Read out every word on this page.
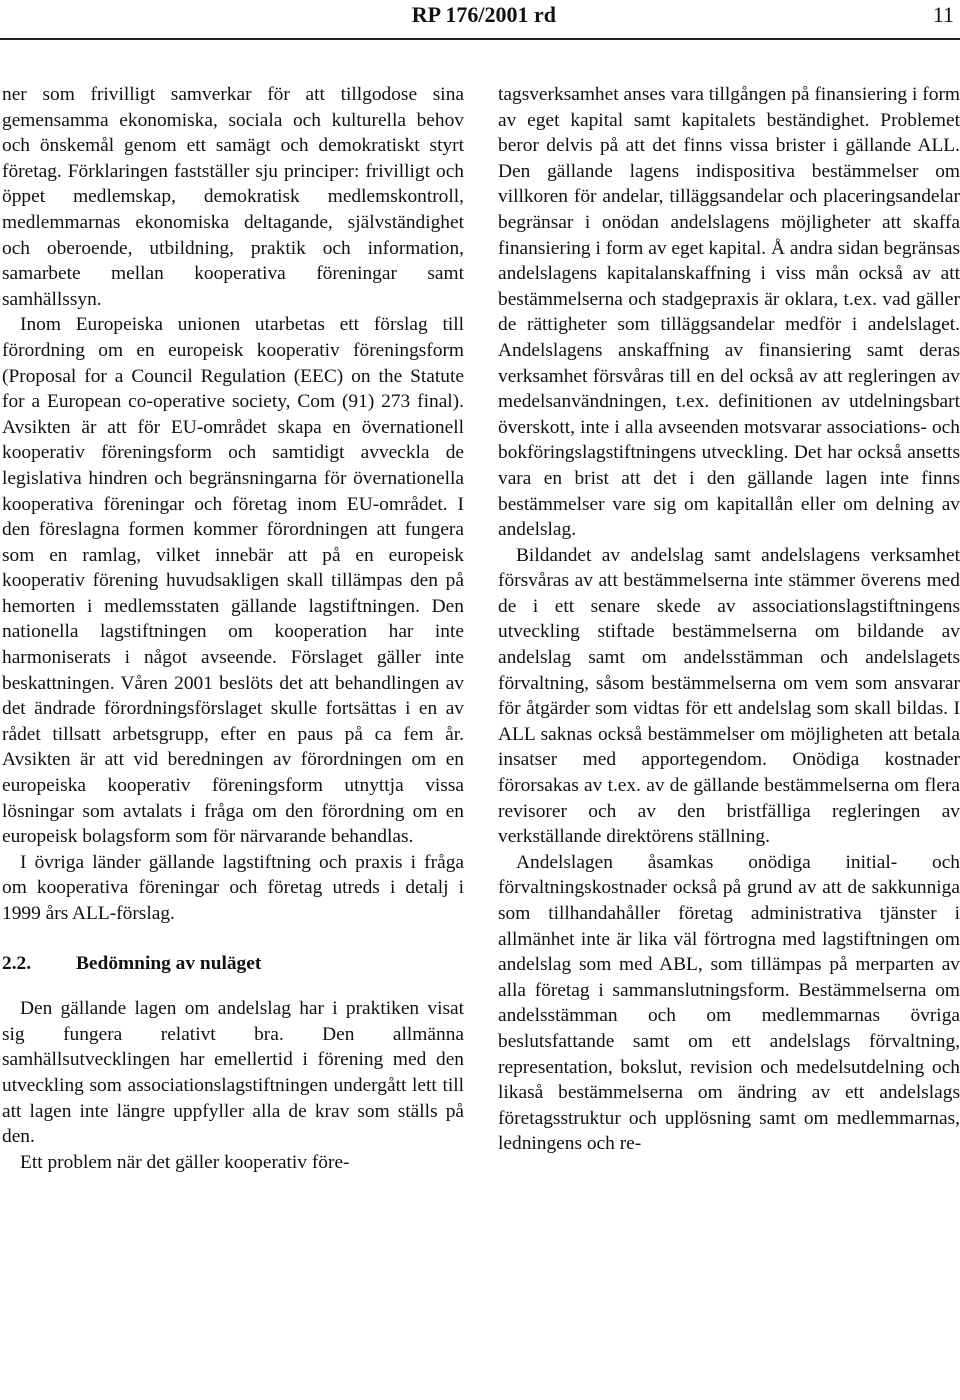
RP 176/2001 rd	11

ner som frivilligt samverkar för att tillgodose sina gemensamma ekonomiska, sociala och kulturella behov och önskemål genom ett samägt och demokratiskt styrt företag. Förklaringen fastställer sju principer: frivilligt och öppet medlemskap, demokratisk medlemskontroll, medlemmarnas ekonomiska deltagande, självständighet och oberoende, utbildning, praktik och information, samarbete mellan kooperativa föreningar samt samhällssyn.

Inom Europeiska unionen utarbetas ett förslag till förordning om en europeisk kooperativ föreningsform (Proposal for a Council Regulation (EEC) on the Statute for a European co-operative society, Com (91) 273 final). Avsikten är att för EU-området skapa en övernationell kooperativ föreningsform och samtidigt avveckla de legislativa hindren och begränsningarna för övernationella kooperativa föreningar och företag inom EU-området. I den föreslagna formen kommer förordningen att fungera som en ramlag, vilket innebär att på en europeisk kooperativ förening huvudsakligen skall tillämpas den på hemorten i medlemsstaten gällande lagstiftningen. Den nationella lagstiftningen om kooperation har inte harmoniserats i något avseende. Förslaget gäller inte beskattningen. Våren 2001 beslöts det att behandlingen av det ändrade förordningsförslaget skulle fortsättas i en av rådet tillsatt arbetsgrupp, efter en paus på ca fem år. Avsikten är att vid beredningen av förordningen om en europeiska kooperativ föreningsform utnyttja vissa lösningar som avtalats i fråga om den förordning om en europeisk bolagsform som för närvarande behandlas.

I övriga länder gällande lagstiftning och praxis i fråga om kooperativa föreningar och företag utreds i detalj i 1999 års ALL-förslag.

2.2. Bedömning av nuläget

Den gällande lagen om andelslag har i praktiken visat sig fungera relativt bra. Den allmänna samhällsutvecklingen har emellertid i förening med den utveckling som associationslagstiftningen undergått lett till att lagen inte längre uppfyller alla de krav som ställs på den.

Ett problem när det gäller kooperativ före-

tagsverksamhet anses vara tillgången på finansiering i form av eget kapital samt kapitalets beständighet. Problemet beror delvis på att det finns vissa brister i gällande ALL. Den gällande lagens indispositiva bestämmelser om villkoren för andelar, tilläggsandelar och placeringsandelar begränsar i onödan andelslagens möjligheter att skaffa finansiering i form av eget kapital. Å andra sidan begränsas andelslagens kapitalanskaffning i viss mån också av att bestämmelserna och stadgepraxis är oklara, t.ex. vad gäller de rättigheter som tilläggsandelar medför i andelslaget. Andelslagens anskaffning av finansiering samt deras verksamhet försvåras till en del också av att regleringen av medelsanvändningen, t.ex. definitionen av utdelningsbart överskott, inte i alla avseenden motsvarar associations- och bokföringslagstiftningens utveckling. Det har också ansetts vara en brist att det i den gällande lagen inte finns bestämmelser vare sig om kapitallån eller om delning av andelslag.

Bildandet av andelslag samt andelslagens verksamhet försvåras av att bestämmelserna inte stämmer överens med de i ett senare skede av associationslagstiftningens utveckling stiftade bestämmelserna om bildande av andelslag samt om andelsstämman och andelslagets förvaltning, såsom bestämmelserna om vem som ansvarar för åtgärder som vidtas för ett andelslag som skall bildas. I ALL saknas också bestämmelser om möjligheten att betala insatser med apportegendom. Onödiga kostnader förorsakas av t.ex. av de gällande bestämmelserna om flera revisorer och av den bristfälliga regleringen av verkställande direktörens ställning.

Andelslagen åsamkas onödiga initial- och förvaltningskostnader också på grund av att de sakkunniga som tillhandahåller företag administrativa tjänster i allmänhet inte är lika väl förtrogna med lagstiftningen om andelslag som med ABL, som tillämpas på merparten av alla företag i sammanslutningsform. Bestämmelserna om andelsstämman och om medlemmarnas övriga beslutsfattande samt om ett andelslags förvaltning, representation, bokslut, revision och medelsutdelning och likaså bestämmelserna om ändring av ett andelslags företagsstruktur och upplösning samt om medlemmarnas, ledningens och re-
